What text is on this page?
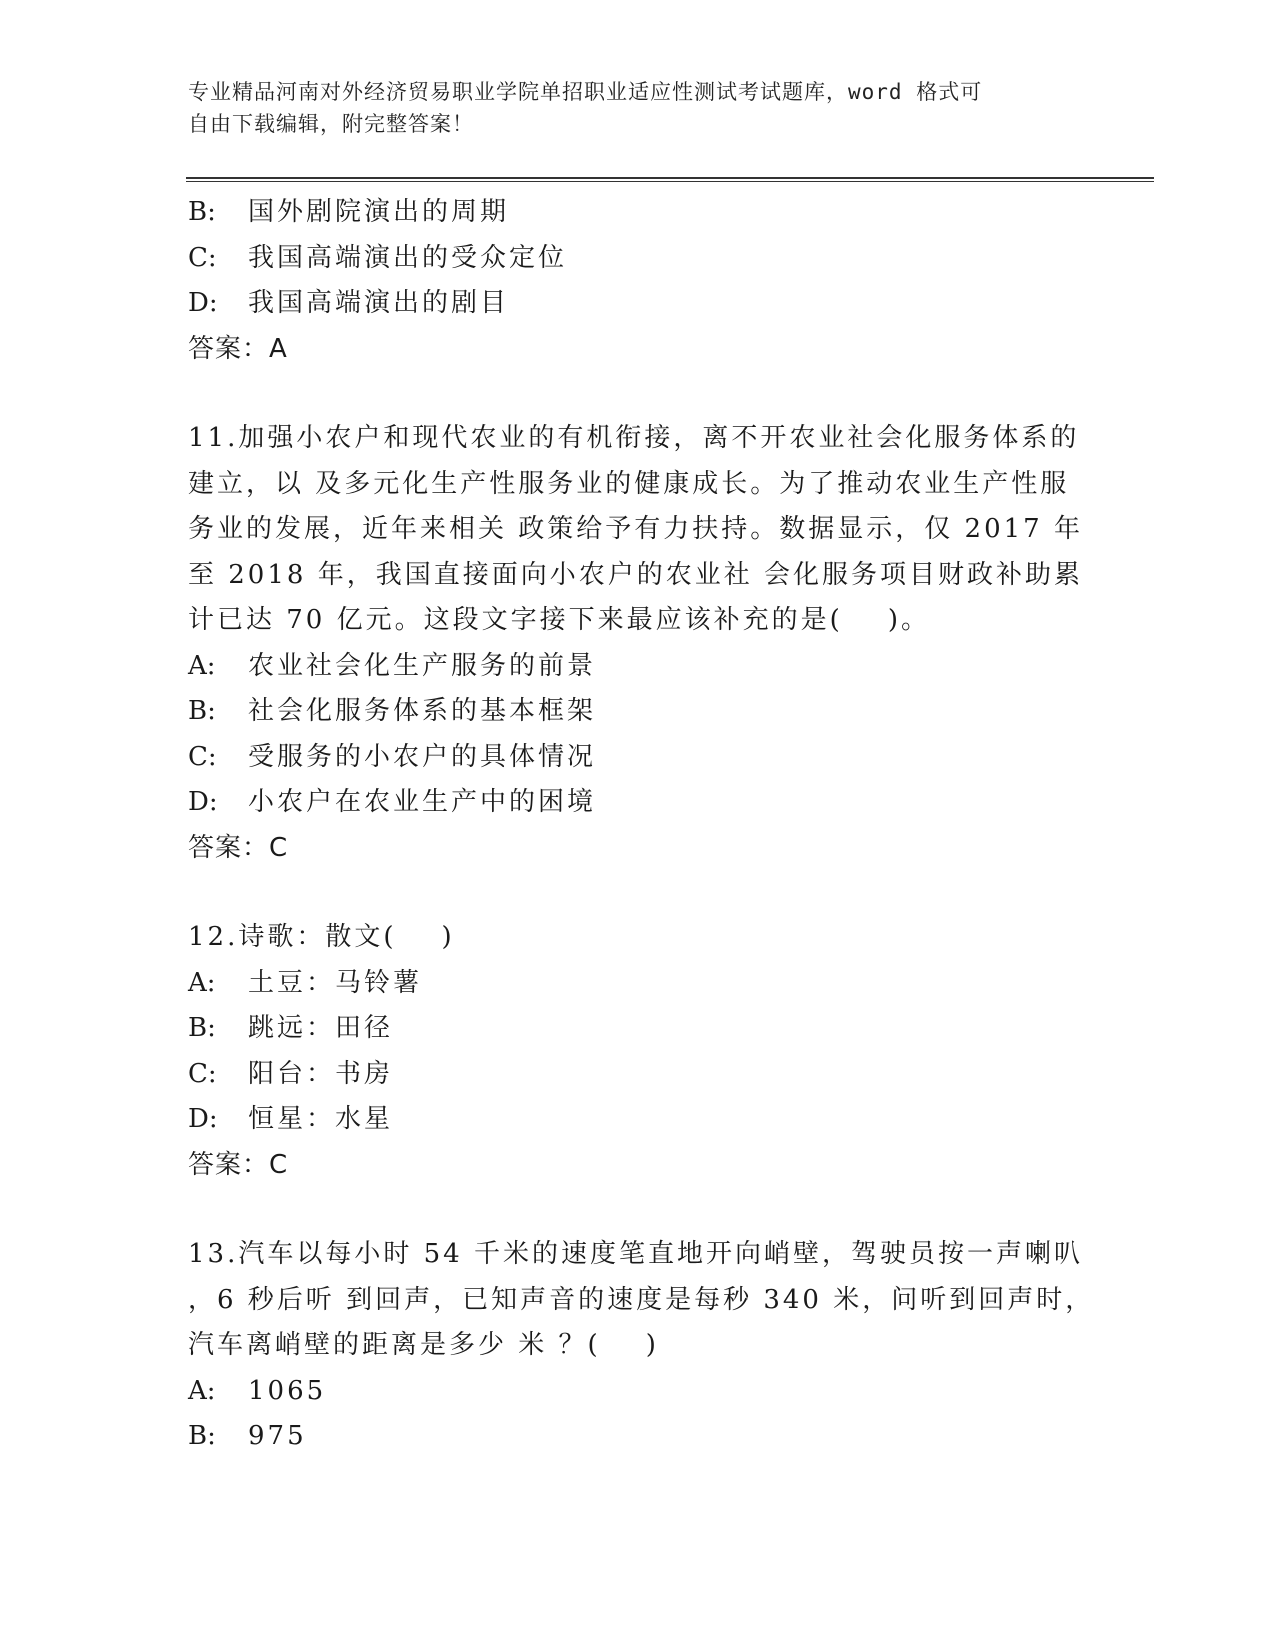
专业精品河南对外经济贸易职业学院单招职业适应性测试考试题库，word 格式可
自由下载编辑，附完整答案！
B: 国外剧院演出的周期
C: 我国高端演出的受众定位
D: 我国高端演出的剧目
答案：A
11.加强小农户和现代农业的有机衔接，离不开农业社会化服务体系的
建立，以 及多元化生产性服务业的健康成长。为了推动农业生产性服
务业的发展，近年来相关 政策给予有力扶持。数据显示，仅 2017 年
至 2018 年，我国直接面向小农户的农业社 会化服务项目财政补助累
计已达 70 亿元。这段文字接下来最应该补充的是(    )。
A: 农业社会化生产服务的前景
B: 社会化服务体系的基本框架
C: 受服务的小农户的具体情况
D: 小农户在农业生产中的困境
答案：C
12.诗歌：散文(    )
A: 土豆：马铃薯
B: 跳远：田径
C: 阳台：书房
D: 恒星：水星
答案：C
13.汽车以每小时 54 千米的速度笔直地开向峭壁，驾驶员按一声喇叭
，6 秒后听 到回声，已知声音的速度是每秒 340 米，问听到回声时，
汽车离峭壁的距离是多少 米 ？(    )
A: 1065
B: 975
